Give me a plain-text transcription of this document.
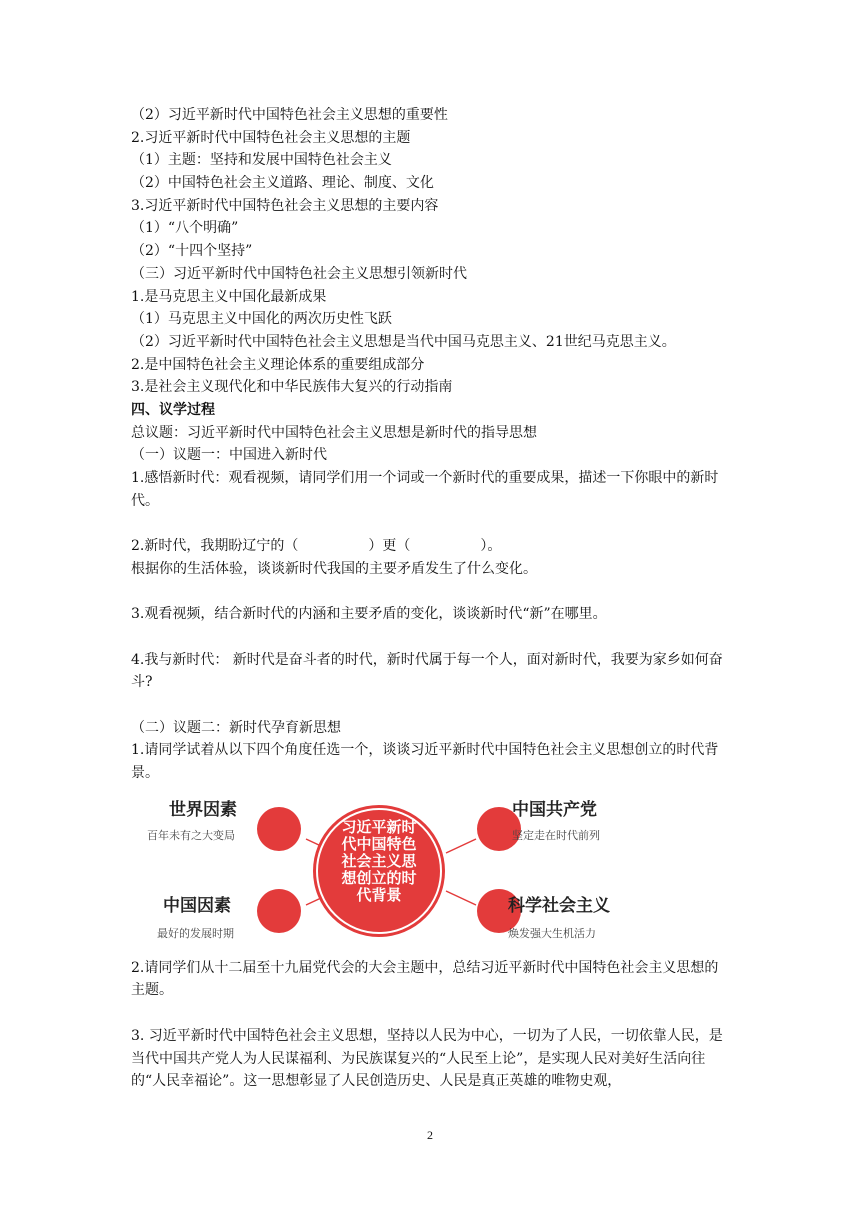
（2）习近平新时代中国特色社会主义思想的重要性
2.习近平新时代中国特色社会主义思想的主题
（1）主题：坚持和发展中国特色社会主义
（2）中国特色社会主义道路、理论、制度、文化
3.习近平新时代中国特色社会主义思想的主要内容
（1）“八个明确”
（2）“十四个坚持”
（三）习近平新时代中国特色社会主义思想引领新时代
1.是马克思主义中国化最新成果
（1）马克思主义中国化的两次历史性飞跃
（2）习近平新时代中国特色社会主义思想是当代中国马克思主义、21世纪马克思主义。
2.是中国特色社会主义理论体系的重要组成部分
3.是社会主义现代化和中华民族伟大复兴的行动指南
四、议学过程
总议题：习近平新时代中国特色社会主义思想是新时代的指导思想
（一）议题一：中国进入新时代
1.感悟新时代：观看视频，请同学们用一个词或一个新时代的重要成果，描述一下你眼中的新时代。
2.新时代，我期盼辽宁的（	）更（	）。
根据你的生活体验，谈谈新时代我国的主要矛盾发生了什么变化。
3.观看视频，结合新时代的内涵和主要矛盾的变化，谈谈新时代“新”在哪里。
4.我与新时代： 新时代是奋斗者的时代，新时代属于每一个人，面对新时代，我要为家乡如何奋斗?
（二）议题二：新时代孕育新思想
1.请同学试着从以下四个角度任选一个，谈谈习近平新时代中国特色社会主义思想创立的时代背景。
习近平新时
代中国特色
社会主义思
想创立的时
代背景
世界因素
百年未有之大变局
中国共产党
坚定走在时代前列
中国因素
最好的发展时期
科学社会主义
焕发强大生机活力
2.请同学们从十二届至十九届党代会的大会主题中，总结习近平新时代中国特色社会主义思想的主题。
3. 习近平新时代中国特色社会主义思想，坚持以人民为中心，一切为了人民，一切依靠人民，是当代中国共产党人为人民谋福利、为民族谋复兴的“人民至上论”，是实现人民对美好生活向往的“人民幸福论”。这一思想彰显了人民创造历史、人民是真正英雄的唯物史观，
2
